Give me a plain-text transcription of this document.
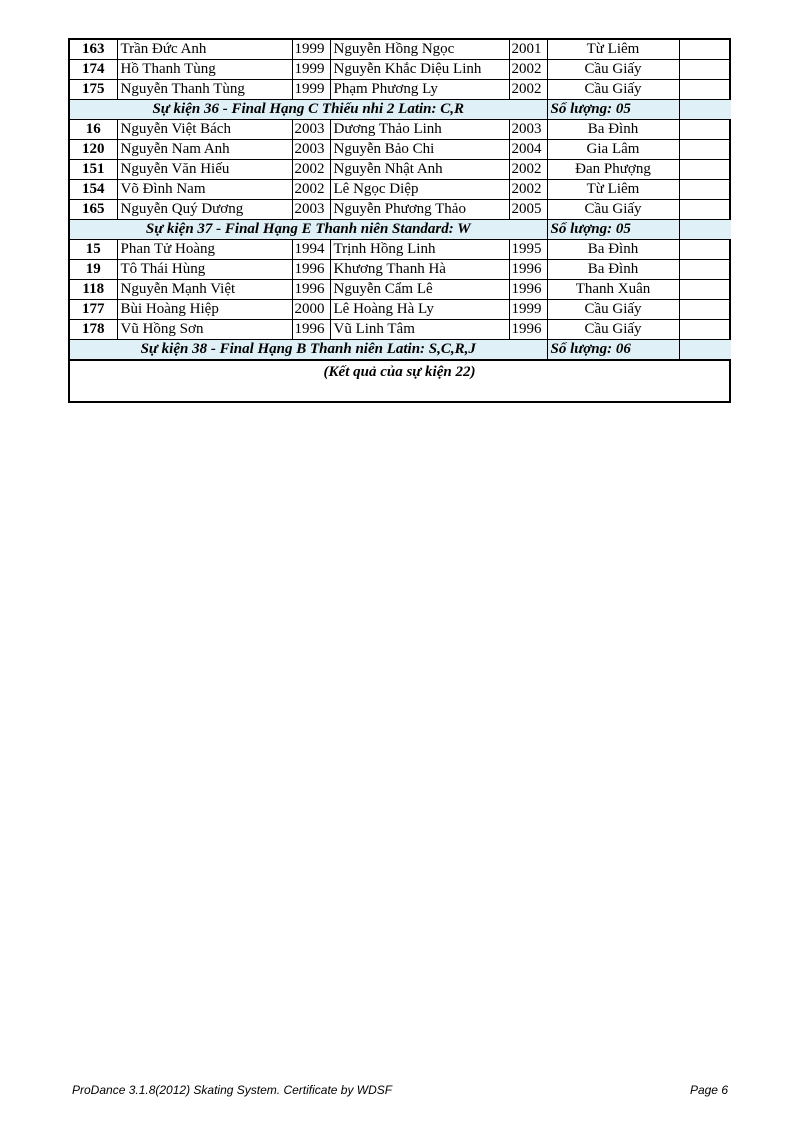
163	Trần Đức Anh	1999	Nguyễn Hồng Ngọc	2001	Từ Liêm	
174	Hồ Thanh Tùng	1999	Nguyễn Khắc Diệu Linh	2002	Cầu Giấy	
175	Nguyễn Thanh Tùng	1999	Phạm Phương Ly	2002	Cầu Giấy	
Sự kiện 36 - Final Hạng C Thiếu nhi 2 Latin: C,R					Số lượng: 05	
16	Nguyễn Việt Bách	2003	Dương Thảo Linh	2003	Ba Đình	
120	Nguyễn Nam Anh	2003	Nguyễn Bảo Chi	2004	Gia Lâm	
151	Nguyễn Văn Hiếu	2002	Nguyễn Nhật Anh	2002	Đan Phượng	
154	Võ Đình Nam	2002	Lê Ngọc Diệp	2002	Từ Liêm	
165	Nguyễn Quý Dương	2003	Nguyễn Phương Thảo	2005	Cầu Giấy	
Sự kiện 37 - Final Hạng E Thanh niên Standard: W					Số lượng: 05	
15	Phan Tử Hoàng	1994	Trịnh Hồng Linh	1995	Ba Đình	
19	Tô Thái Hùng	1996	Khương Thanh Hà	1996	Ba Đình	
118	Nguyễn Mạnh Việt	1996	Nguyễn Cẩm Lê	1996	Thanh Xuân	
177	Bùi Hoàng Hiệp	2000	Lê Hoàng Hà Ly	1999	Cầu Giấy	
178	Vũ Hồng Sơn	1996	Vũ Linh Tâm	1996	Cầu Giấy	
Sự kiện 38 - Final Hạng B Thanh niên Latin: S,C,R,J					Số lượng: 06	
(Kết quả của sự kiện 22)
ProDance 3.1.8(2012) Skating System. Certificate by WDSF	Page 6
